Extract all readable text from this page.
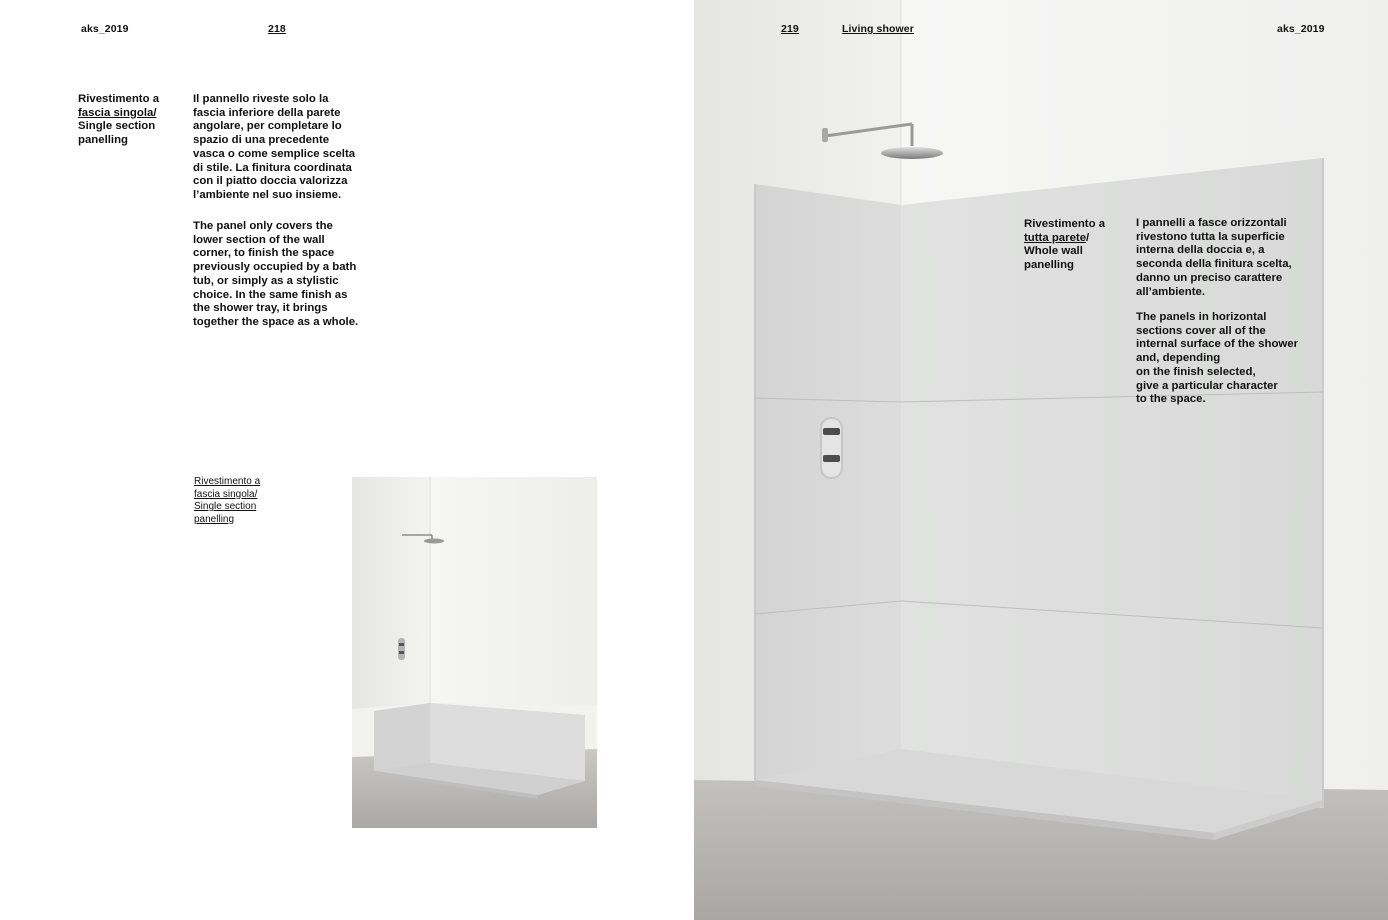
aks_2019	218
Rivestimento a
fascia singola/
Single section
panelling
Il pannello riveste solo la
fascia inferiore della parete
angolare, per completare lo
spazio di una precedente
vasca o come semplice scelta
di stile. La finitura coordinata
con il piatto doccia valorizza
l’ambiente nel suo insieme.
The panel only covers the
lower section of the wall
corner, to finish the space
previously occupied by a bath
tub, or simply as a stylistic
choice. In the same finish as
the shower tray, it brings
together the space as a whole.
Rivestimento a
fascia singola/
Single section
panelling
219	Living shower	aks_2019
Rivestimento a
tutta parete/
Whole wall
panelling
I pannelli a fasce orizzontali
rivestono tutta la superficie
interna della doccia e, a
seconda della finitura scelta,
danno un preciso carattere
all’ambiente.
The panels in horizontal
sections cover all of the
internal surface of the shower
and, depending
on the finish selected,
give a particular character
to the space.
